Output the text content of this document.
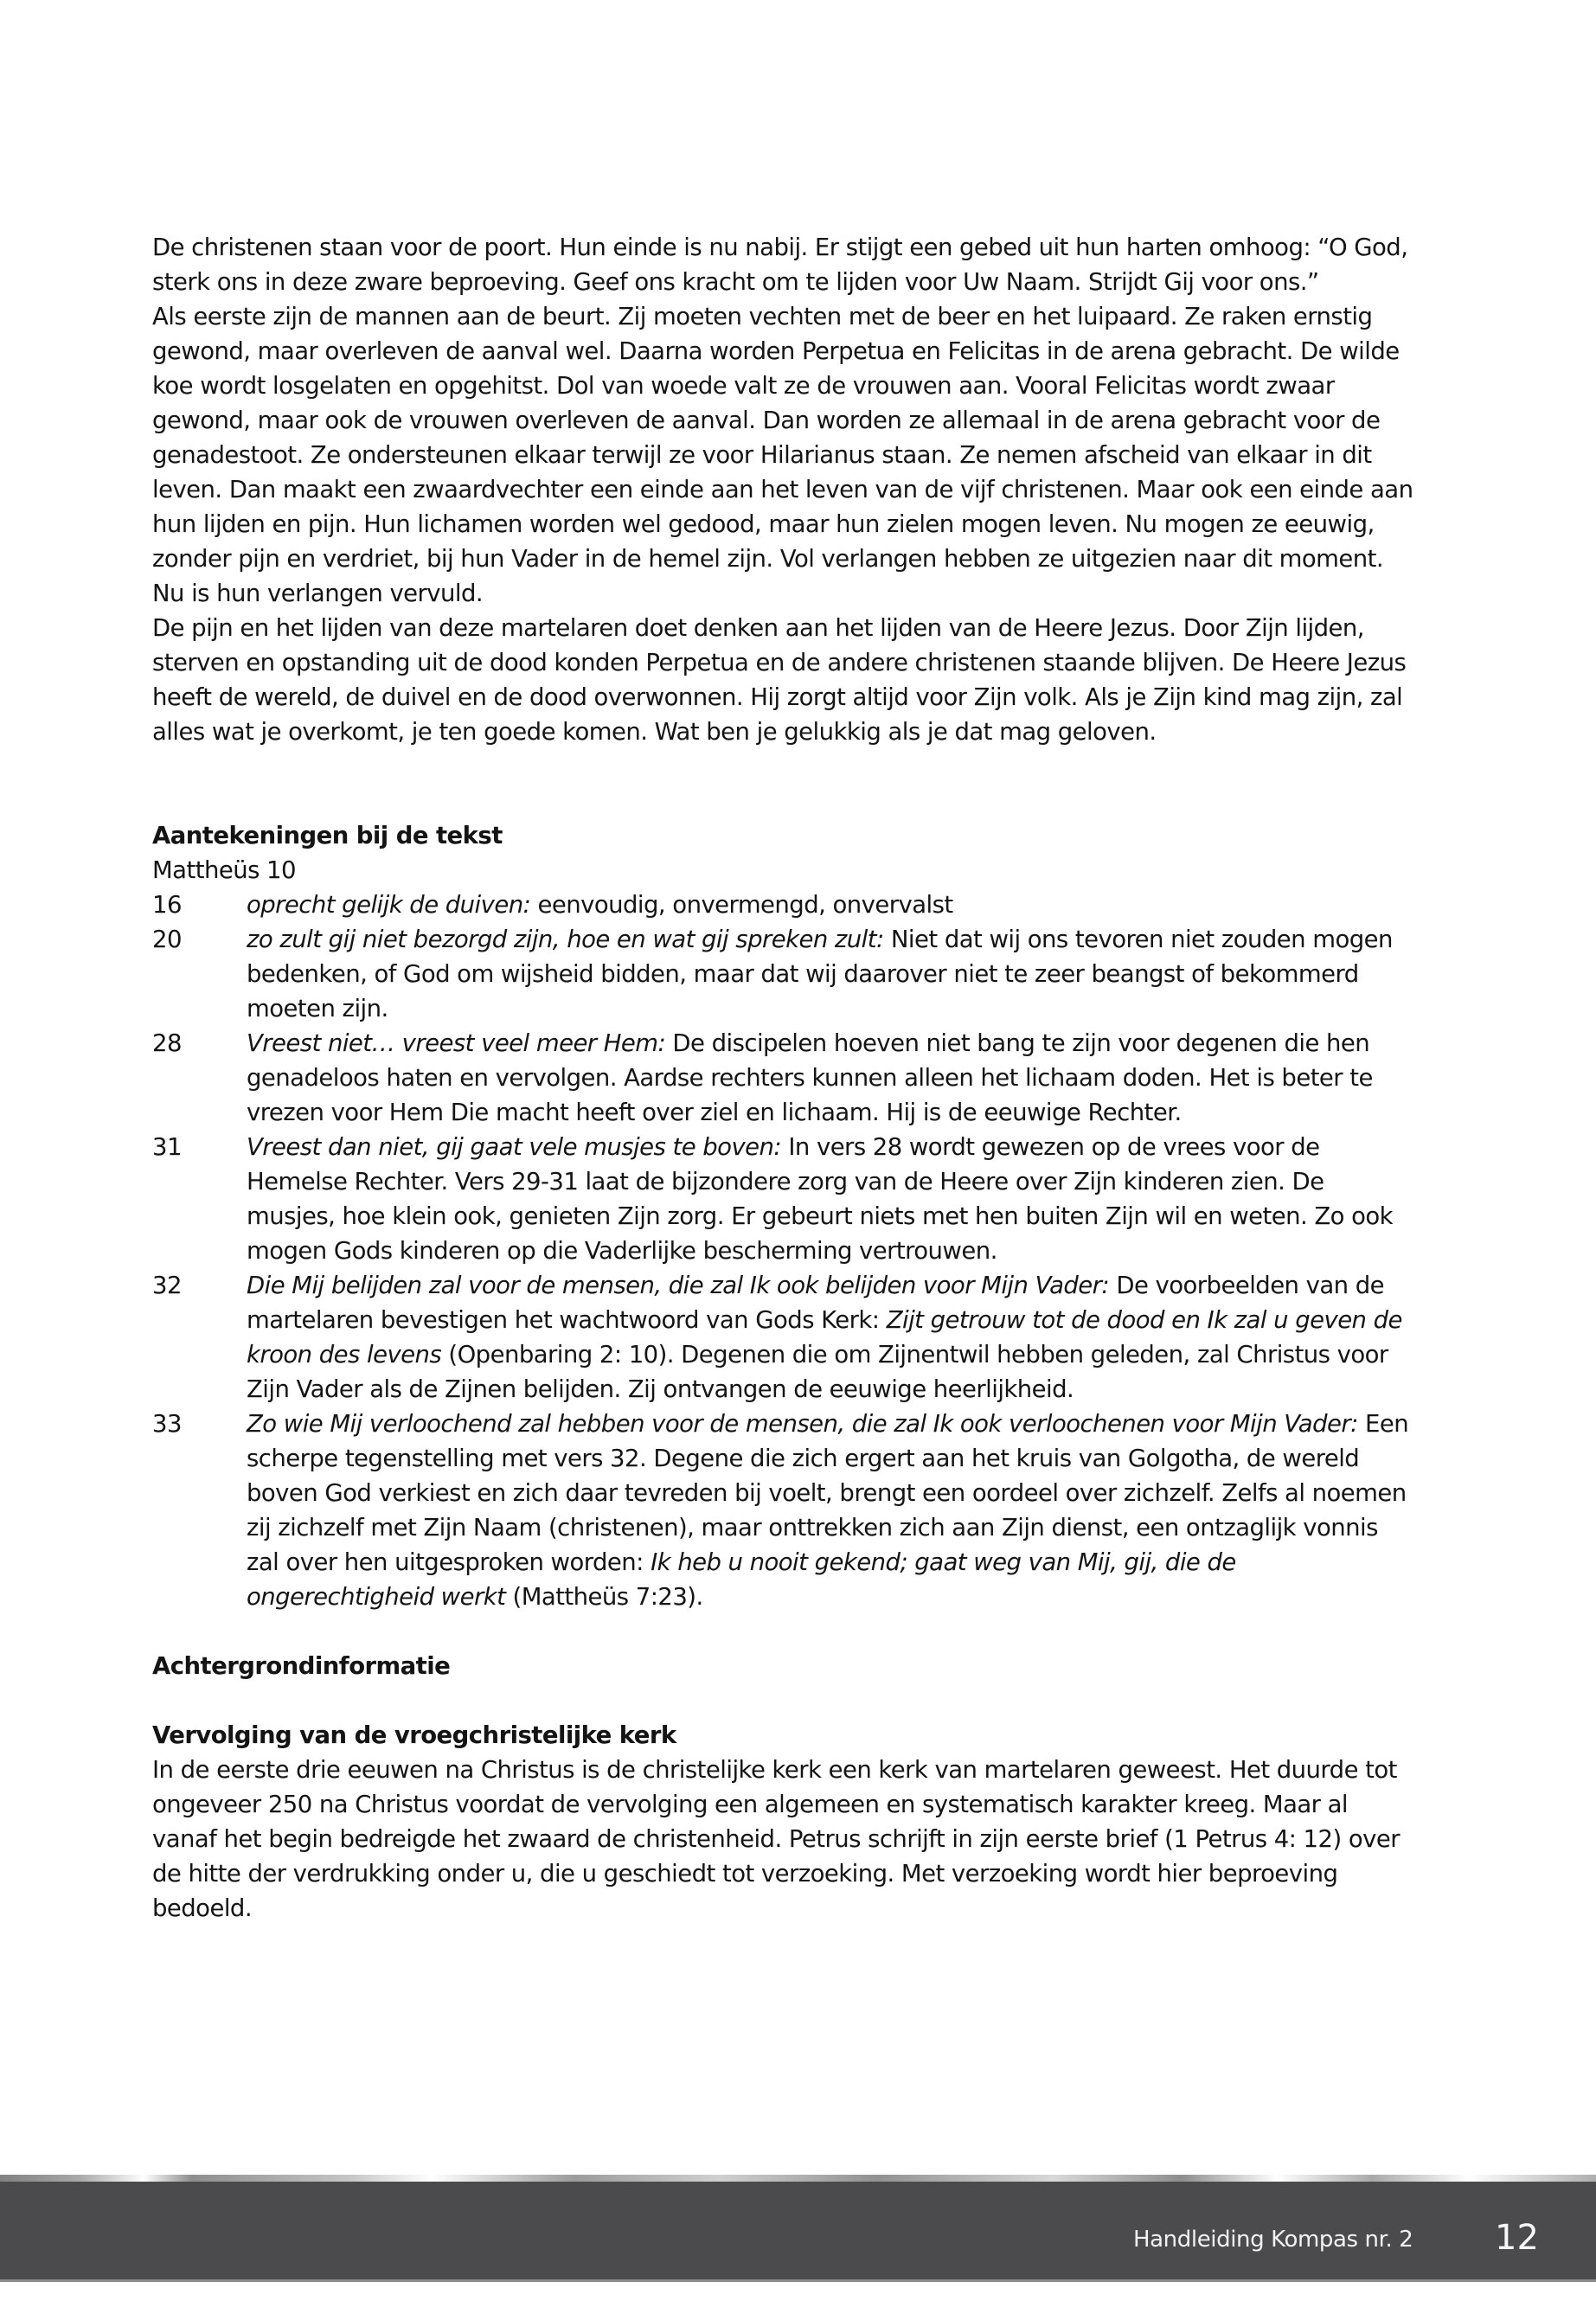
De christenen staan voor de poort. Hun einde is nu nabij. Er stijgt een gebed uit hun harten omhoog: “O God, sterk ons in deze zware beproeving. Geef ons kracht om te lijden voor Uw Naam. Strijdt Gij voor ons.”

Als eerste zijn de mannen aan de beurt. Zij moeten vechten met de beer en het luipaard. Ze raken ernstig gewond, maar overleven de aanval wel. Daarna worden Perpetua en Felicitas in de arena gebracht. De wilde koe wordt losgelaten en opgehitst. Dol van woede valt ze de vrouwen aan. Vooral Felicitas wordt zwaar gewond, maar ook de vrouwen overleven de aanval. Dan worden ze allemaal in de arena gebracht voor de genadestoot. Ze ondersteunen elkaar terwijl ze voor Hilarianus staan. Ze nemen afscheid van elkaar in dit leven. Dan maakt een zwaardvechter een einde aan het leven van de vijf christenen. Maar ook een einde aan hun lijden en pijn. Hun lichamen worden wel gedood, maar hun zielen mogen leven. Nu mogen ze eeuwig, zonder pijn en verdriet, bij hun Vader in de hemel zijn. Vol verlangen hebben ze uitgezien naar dit moment. Nu is hun verlangen vervuld.

De pijn en het lijden van deze martelaren doet denken aan het lijden van de Heere Jezus. Door Zijn lijden, sterven en opstanding uit de dood konden Perpetua en de andere christenen staande blijven. De Heere Jezus heeft de wereld, de duivel en de dood overwonnen. Hij zorgt altijd voor Zijn volk. Als je Zijn kind mag zijn, zal alles wat je overkomt, je ten goede komen. Wat ben je gelukkig als je dat mag geloven.

Aantekeningen bij de tekst

Mattheüs 10

16	oprecht gelijk de duiven: eenvoudig, onvermengd, onvervalst
20	zo zult gij niet bezorgd zijn, hoe en wat gij spreken zult: Niet dat wij ons tevoren niet zouden mogen bedenken, of God om wijsheid bidden, maar dat wij daarover niet te zeer beangst of bekommerd moeten zijn.
28	Vreest niet… vreest veel meer Hem: De discipelen hoeven niet bang te zijn voor degenen die hen genadeloos haten en vervolgen. Aardse rechters kunnen alleen het lichaam doden. Het is beter te vrezen voor Hem Die macht heeft over ziel en lichaam. Hij is de eeuwige Rechter.
31	Vreest dan niet, gij gaat vele musjes te boven: In vers 28 wordt gewezen op de vrees voor de Hemelse Rechter. Vers 29-31 laat de bijzondere zorg van de Heere over Zijn kinderen zien. De musjes, hoe klein ook, genieten Zijn zorg. Er gebeurt niets met hen buiten Zijn wil en weten. Zo ook mogen Gods kinderen op die Vaderlijke bescherming vertrouwen.
32	Die Mij belijden zal voor de mensen, die zal Ik ook belijden voor Mijn Vader: De voorbeelden van de martelaren bevestigen het wachtwoord van Gods Kerk: Zijt getrouw tot de dood en Ik zal u geven de kroon des levens (Openbaring 2: 10). Degenen die om Zijnentwil hebben geleden, zal Christus voor Zijn Vader als de Zijnen belijden. Zij ontvangen de eeuwige heerlijkheid.
33	Zo wie Mij verloochend zal hebben voor de mensen, die zal Ik ook verloochenen voor Mijn Vader: Een scherpe tegenstelling met vers 32. Degene die zich ergert aan het kruis van Golgotha, de wereld boven God verkiest en zich daar tevreden bij voelt, brengt een oordeel over zichzelf. Zelfs al noemen zij zichzelf met Zijn Naam (christenen), maar onttrekken zich aan Zijn dienst, een ontzaglijk vonnis zal over hen uitgesproken worden: Ik heb u nooit gekend; gaat weg van Mij, gij, die de ongerechtigheid werkt (Mattheüs 7:23).

Achtergrondinformatie

Vervolging van de vroegchristelijke kerk

In de eerste drie eeuwen na Christus is de christelijke kerk een kerk van martelaren geweest. Het duurde tot ongeveer 250 na Christus voordat de vervolging een algemeen en systematisch karakter kreeg. Maar al vanaf het begin bedreigde het zwaard de christenheid. Petrus schrijft in zijn eerste brief (1 Petrus 4: 12) over de hitte der verdrukking onder u, die u geschiedt tot verzoeking. Met verzoeking wordt hier beproeving bedoeld.

Handleiding Kompas nr. 2 12
